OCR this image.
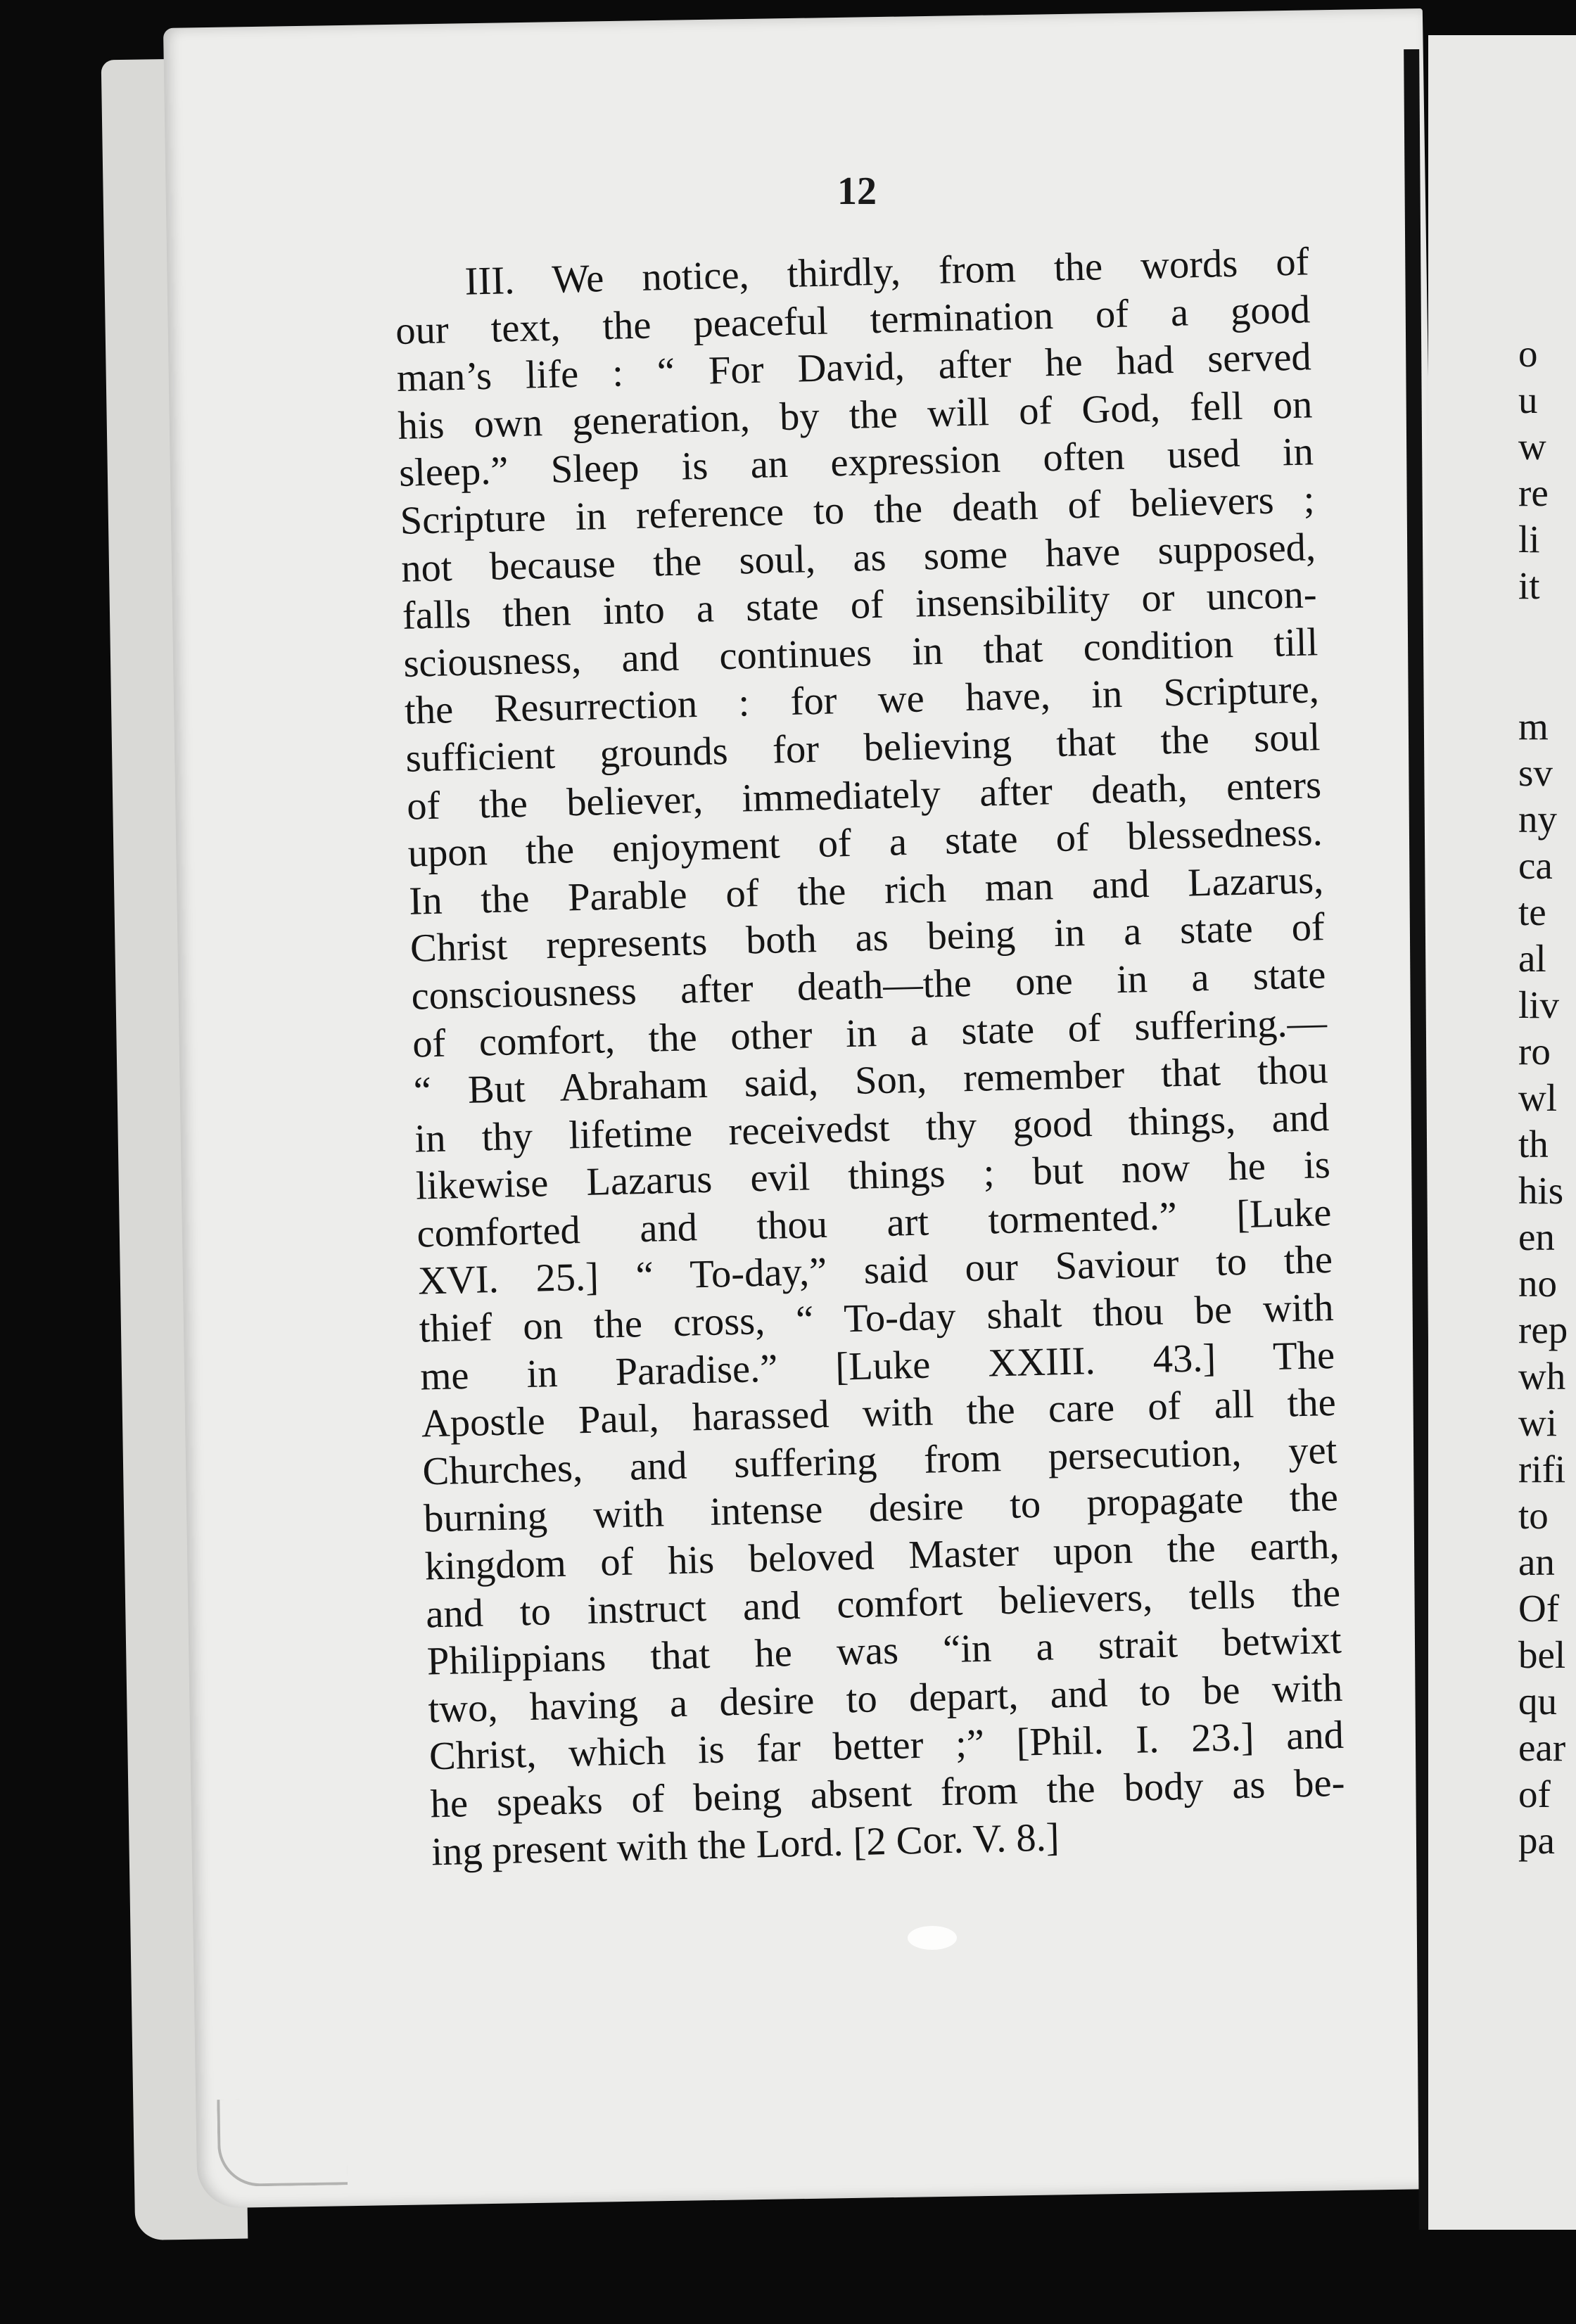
12
III. We notice, thirdly, from the words of
our text, the peaceful termination of a good
man’s life : “ For David, after he had served
his own generation, by the will of God, fell on
sleep.” Sleep is an expression often used in
Scripture in reference to the death of believers ;
not because the soul, as some have supposed,
falls then into a state of insensibility or uncon-
sciousness, and continues in that condition till
the Resurrection : for we have, in Scripture,
sufficient grounds for believing that the soul
of the believer, immediately after death, enters
upon the enjoyment of a state of blessedness.
In the Parable of the rich man and Lazarus,
Christ represents both as being in a state of
consciousness after death—the one in a state
of comfort, the other in a state of suffering.—
“ But Abraham said, Son, remember that thou
in thy lifetime receivedst thy good things, and
likewise Lazarus evil things ; but now he is
comforted and thou art tormented.” [Luke
XVI. 25.] “ To-day,” said our Saviour to the
thief on the cross, “ To-day shalt thou be with
me in Paradise.” [Luke XXIII. 43.] The
Apostle Paul, harassed with the care of all the
Churches, and suffering from persecution, yet
burning with intense desire to propagate the
kingdom of his beloved Master upon the earth,
and to instruct and comfort believers, tells the
Philippians that he was “in a strait betwixt
two, having a desire to depart, and to be with
Christ, which is far better ;” [Phil. I. 23.] and
he speaks of being absent from the body as be-
ing present with the Lord. [2 Cor. V. 8.]
o
u
w
re
li
it
m
sv
ny
ca
te
al
liv
ro
wl
th
his
en
no
rep
wh
wi
rifi
to
an
Of
bel
qu
ear
of
pa
